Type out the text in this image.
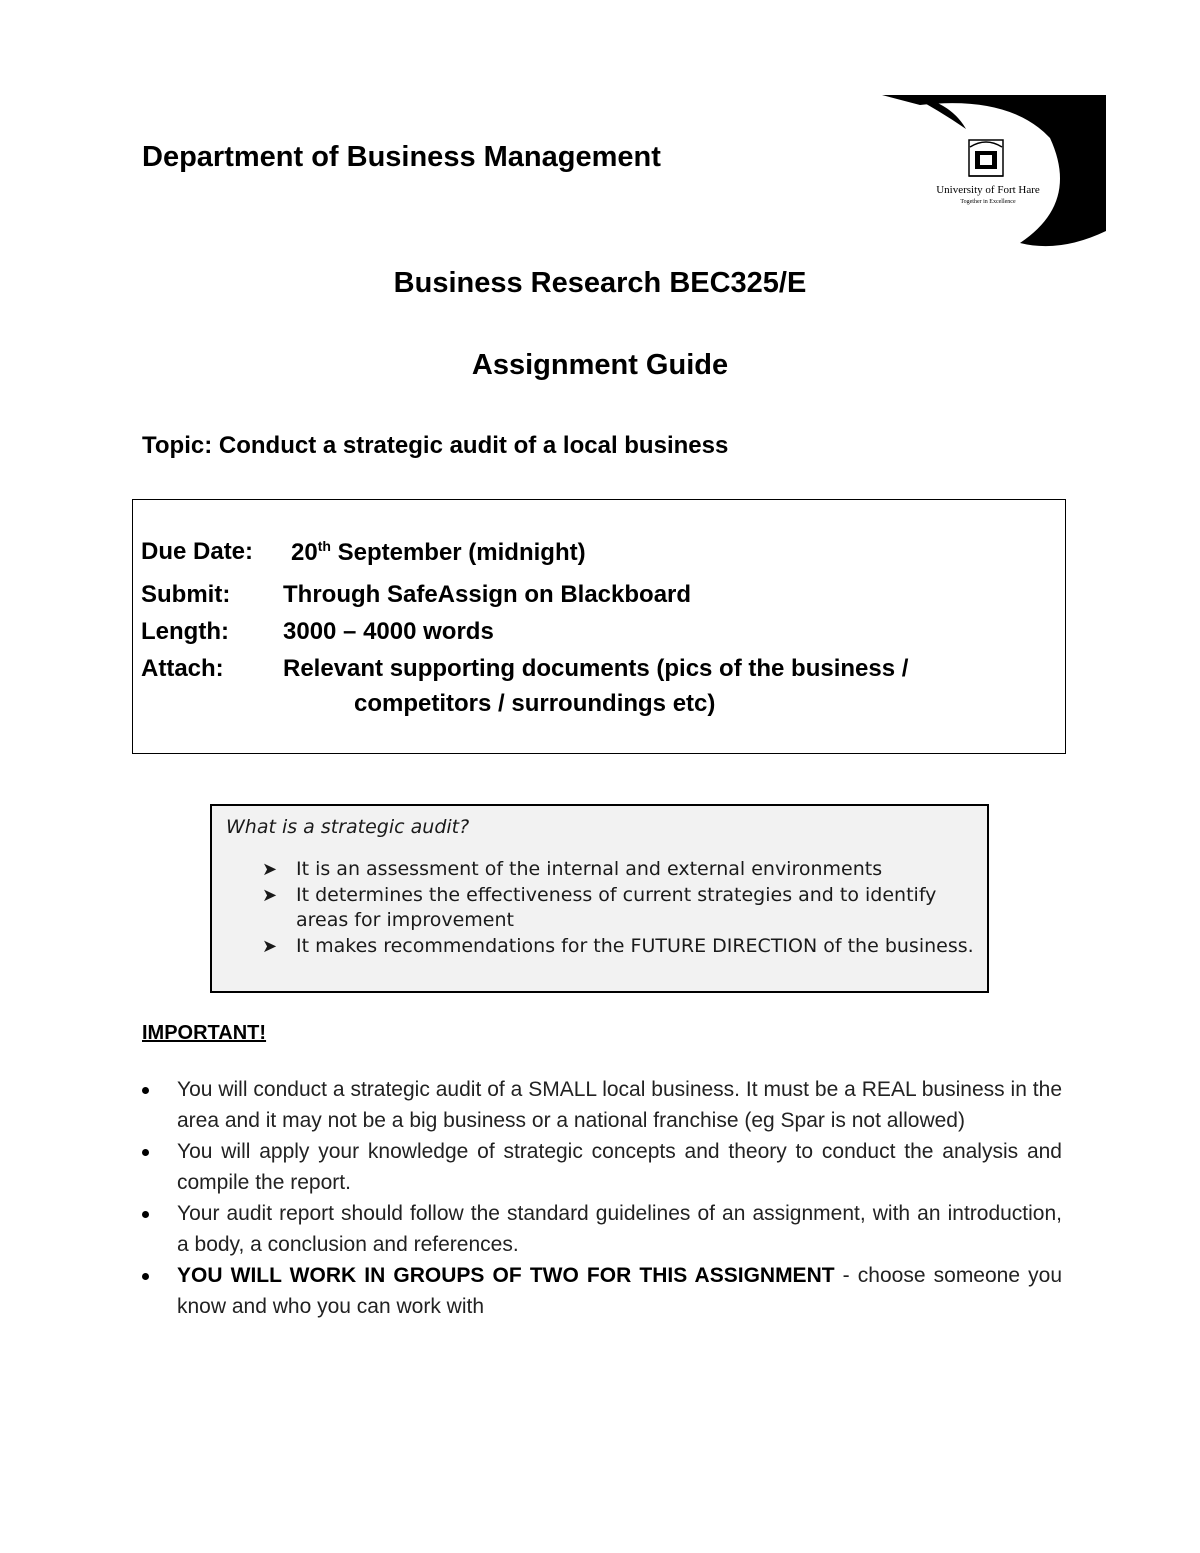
Department of Business Management
University of Fort Hare
Together in Excellence
Business Research BEC325/E
Assignment Guide

Topic: Conduct a strategic audit of a local business

Due Date: 20th September (midnight)
Submit: Through SafeAssign on Blackboard
Length: 3000 – 4000 words
Attach: Relevant supporting documents (pics of the business /
competitors / surroundings etc)

What is a strategic audit?

➤ It is an assessment of the internal and external environments
➤ It determines the effectiveness of current strategies and to identify areas for improvement
➤ It makes recommendations for the FUTURE DIRECTION of the business.

IMPORTANT!

You will conduct a strategic audit of a SMALL local business. It must be a REAL business in the area and it may not be a big business or a national franchise (eg Spar is not allowed)
You will apply your knowledge of strategic concepts and theory to conduct the analysis and compile the report.
Your audit report should follow the standard guidelines of an assignment, with an introduction, a body, a conclusion and references.
YOU WILL WORK IN GROUPS OF TWO FOR THIS ASSIGNMENT - choose someone you know and who you can work with
